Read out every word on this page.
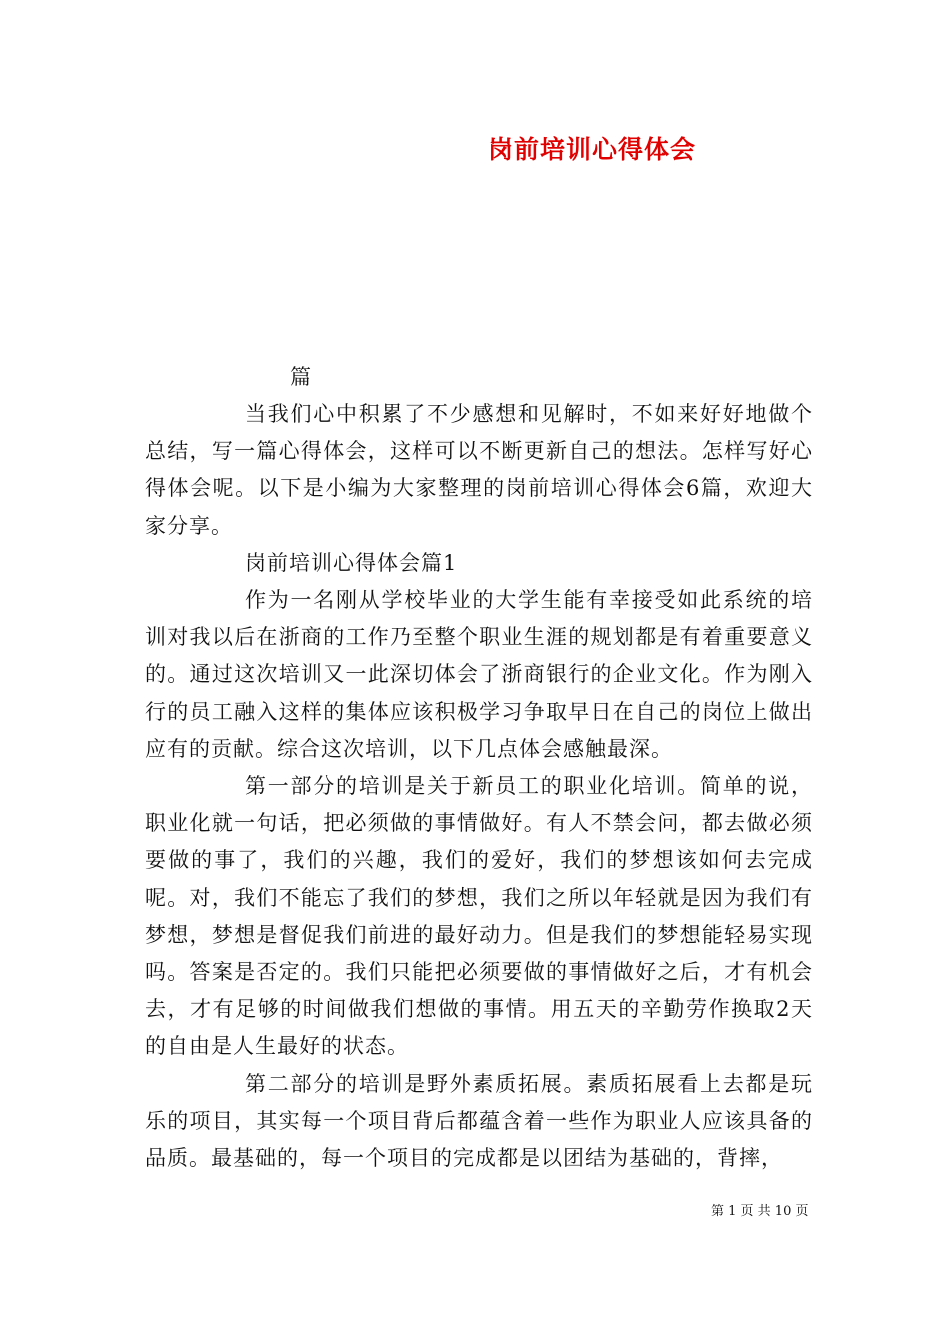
岗前培训心得体会
篇

当我们心中积累了不少感想和见解时，不如来好好地做个总结，写一篇心得体会，这样可以不断更新自己的想法。怎样写好心得体会呢。以下是小编为大家整理的岗前培训心得体会6篇，欢迎大家分享。

岗前培训心得体会篇1

作为一名刚从学校毕业的大学生能有幸接受如此系统的培训对我以后在浙商的工作乃至整个职业生涯的规划都是有着重要意义的。通过这次培训又一此深切体会了浙商银行的企业文化。作为刚入行的员工融入这样的集体应该积极学习争取早日在自己的岗位上做出应有的贡献。综合这次培训，以下几点体会感触最深。

第一部分的培训是关于新员工的职业化培训。简单的说，职业化就一句话，把必须做的事情做好。有人不禁会问，都去做必须要做的事了，我们的兴趣，我们的爱好，我们的梦想该如何去完成呢。对，我们不能忘了我们的梦想，我们之所以年轻就是因为我们有梦想，梦想是督促我们前进的最好动力。但是我们的梦想能轻易实现吗。答案是否定的。我们只能把必须要做的事情做好之后，才有机会去，才有足够的时间做我们想做的事情。用五天的辛勤劳作换取2天的自由是人生最好的状态。

第二部分的培训是野外素质拓展。素质拓展看上去都是玩乐的项目，其实每一个项目背后都蕴含着一些作为职业人应该具备的品质。最基础的，每一个项目的完成都是以团结为基础的，背摔，

第 1 页 共 10 页
